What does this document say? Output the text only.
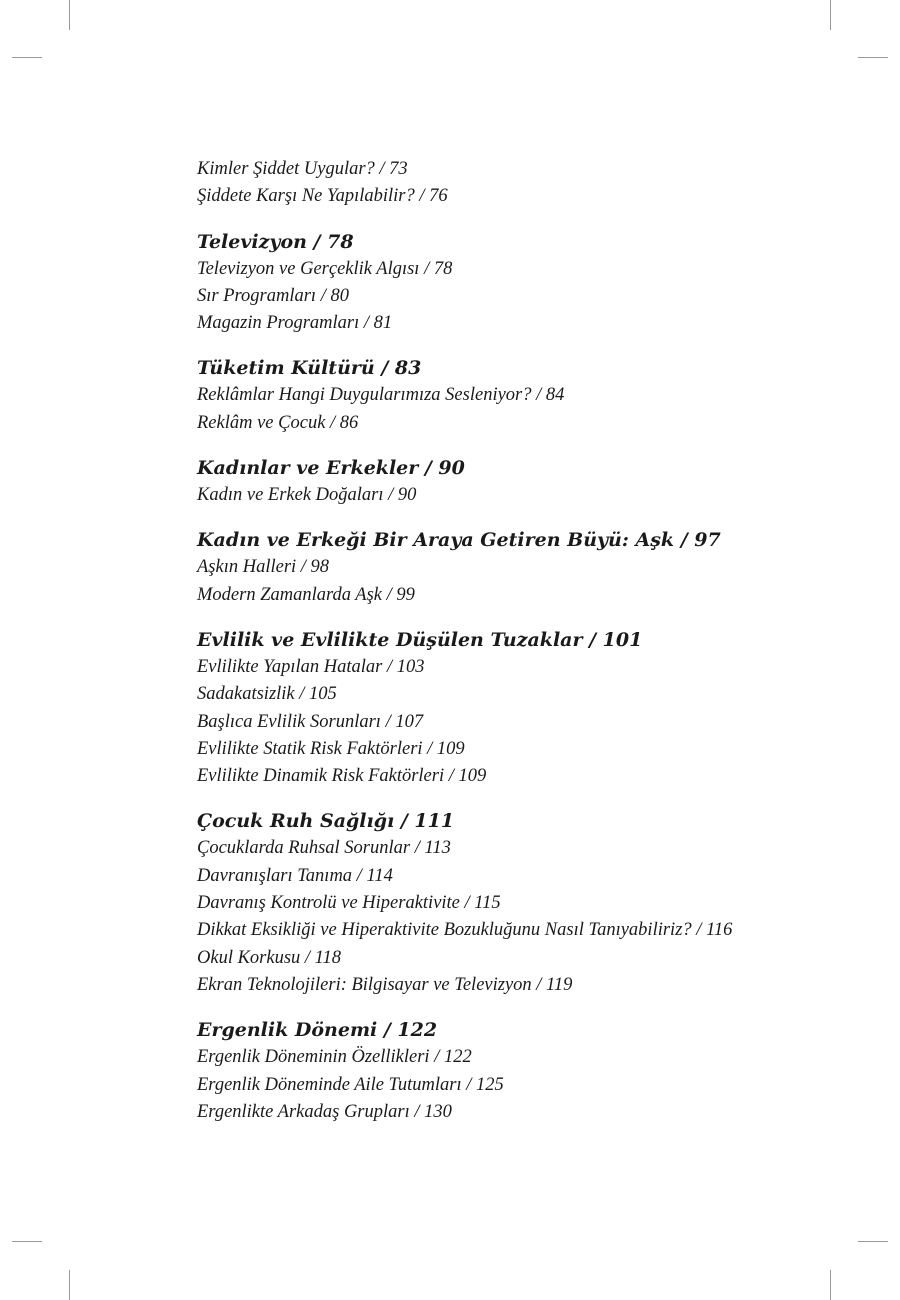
Kimler Şiddet Uygular? / 73
Şiddete Karşı Ne Yapılabilir? / 76
Televizyon / 78
Televizyon ve Gerçeklik Algısı / 78
Sır Programları / 80
Magazin Programları / 81
Tüketim Kültürü / 83
Reklâmlar Hangi Duygularımıza Sesleniyor? / 84
Reklâm ve Çocuk / 86
Kadınlar ve Erkekler / 90
Kadın ve Erkek Doğaları / 90
Kadın ve Erkeği Bir Araya Getiren Büyü: Aşk / 97
Aşkın Halleri / 98
Modern Zamanlarda Aşk / 99
Evlilik ve Evlilikte Düşülen Tuzaklar / 101
Evlilikte Yapılan Hatalar / 103
Sadakatsizlik / 105
Başlıca Evlilik Sorunları / 107
Evlilikte Statik Risk Faktörleri / 109
Evlilikte Dinamik Risk Faktörleri / 109
Çocuk Ruh Sağlığı / 111
Çocuklarda Ruhsal Sorunlar / 113
Davranışları Tanıma / 114
Davranış Kontrolü ve Hiperaktivite / 115
Dikkat Eksikliği ve Hiperaktivite Bozukluğunu Nasıl Tanıyabiliriz? / 116
Okul Korkusu / 118
Ekran Teknolojileri: Bilgisayar ve Televizyon / 119
Ergenlik Dönemi / 122
Ergenlik Döneminin Özellikleri / 122
Ergenlik Döneminde Aile Tutumları / 125
Ergenlikte Arkadaş Grupları / 130
